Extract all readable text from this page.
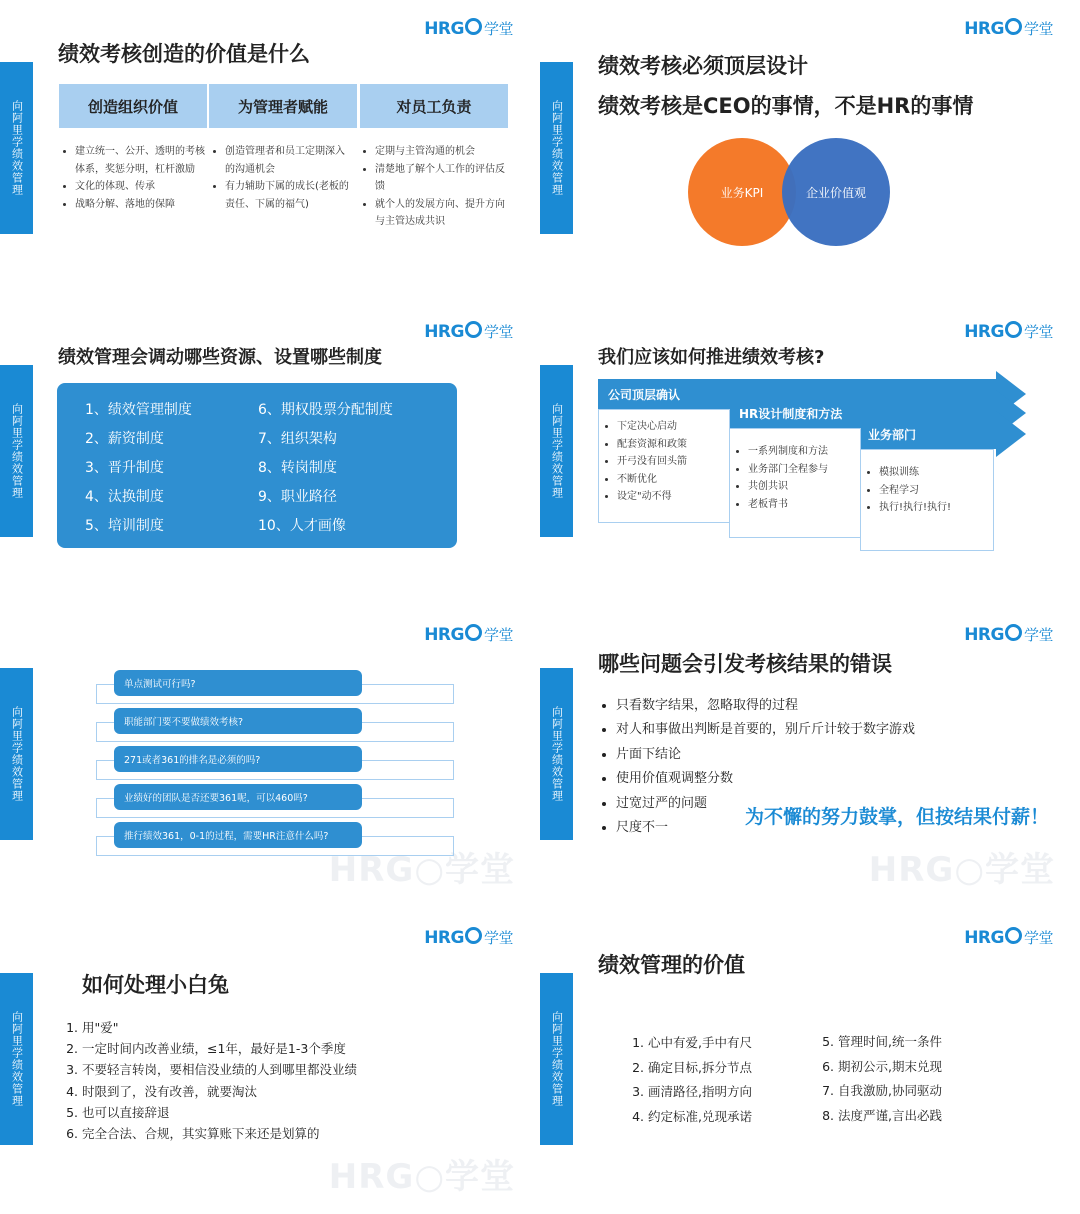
向阿里学绩效管理
HRG 学堂
绩效考核创造的价值是什么
创造组织价值	为管理者赋能	对员工负责
• 建立统一、公开、透明的考核体系，奖惩分明，杠杆激励
• 文化的体现、传承
• 战略分解、落地的保障
• 创造管理者和员工定期深入的沟通机会
• 有力辅助下属的成长(老板的责任、下属的福气)
• 定期与主管沟通的机会
• 清楚地了解个人工作的评估反馈
• 就个人的发展方向、提升方向与主管达成共识
向阿里学绩效管理
HRG 学堂
绩效考核必须顶层设计
绩效考核是CEO的事情，不是HR的事情
业务KPI	企业价值观
向阿里学绩效管理
HRG 学堂
绩效管理会调动哪些资源、设置哪些制度
1、绩效管理制度
2、薪资制度
3、晋升制度
4、汰换制度
5、培训制度
6、期权股票分配制度
7、组织架构
8、转岗制度
9、职业路径
10、人才画像
向阿里学绩效管理
HRG 学堂
我们应该如何推进绩效考核?
公司顶层确认
HR设计制度和方法
业务部门
• 下定决心启动
• 配套资源和政策
• 开弓没有回头箭
• 不断优化
• 设定"动不得
• 一系列制度和方法
• 业务部门全程参与
• 共创共识
• 老板背书
• 模拟训练
• 全程学习
• 执行!执行!执行!
向阿里学绩效管理
HRG 学堂
HRG○学堂
单点测试可行吗?
职能部门要不要做绩效考核?
271或者361的排名是必须的吗?
业绩好的团队是否还要361呢，可以460吗?
推行绩效361，0-1的过程，需要HR注意什么吗?
向阿里学绩效管理
HRG 学堂
HRG○学堂
哪些问题会引发考核结果的错误
• 只看数字结果，忽略取得的过程
• 对人和事做出判断是首要的，别斤斤计较于数字游戏
• 片面下结论
• 使用价值观调整分数
• 过宽过严的问题
• 尺度不一	为不懈的努力鼓掌，但按结果付薪！
向阿里学绩效管理
HRG 学堂
HRG○学堂
如何处理小白兔
1. 用"爱"
2. 一定时间内改善业绩，≤1年，最好是1-3个季度
3. 不要轻言转岗，要相信没业绩的人到哪里都没业绩
4. 时限到了，没有改善，就要淘汰
5. 也可以直接辞退
6. 完全合法、合规，其实算账下来还是划算的
向阿里学绩效管理
HRG 学堂
绩效管理的价值
1. 心中有爱,手中有尺
2. 确定目标,拆分节点
3. 画清路径,指明方向
4. 约定标准,兑现承诺
5. 管理时间,统一条件
6. 期初公示,期末兑现
7. 自我激励,协同驱动
8. 法度严谨,言出必践
